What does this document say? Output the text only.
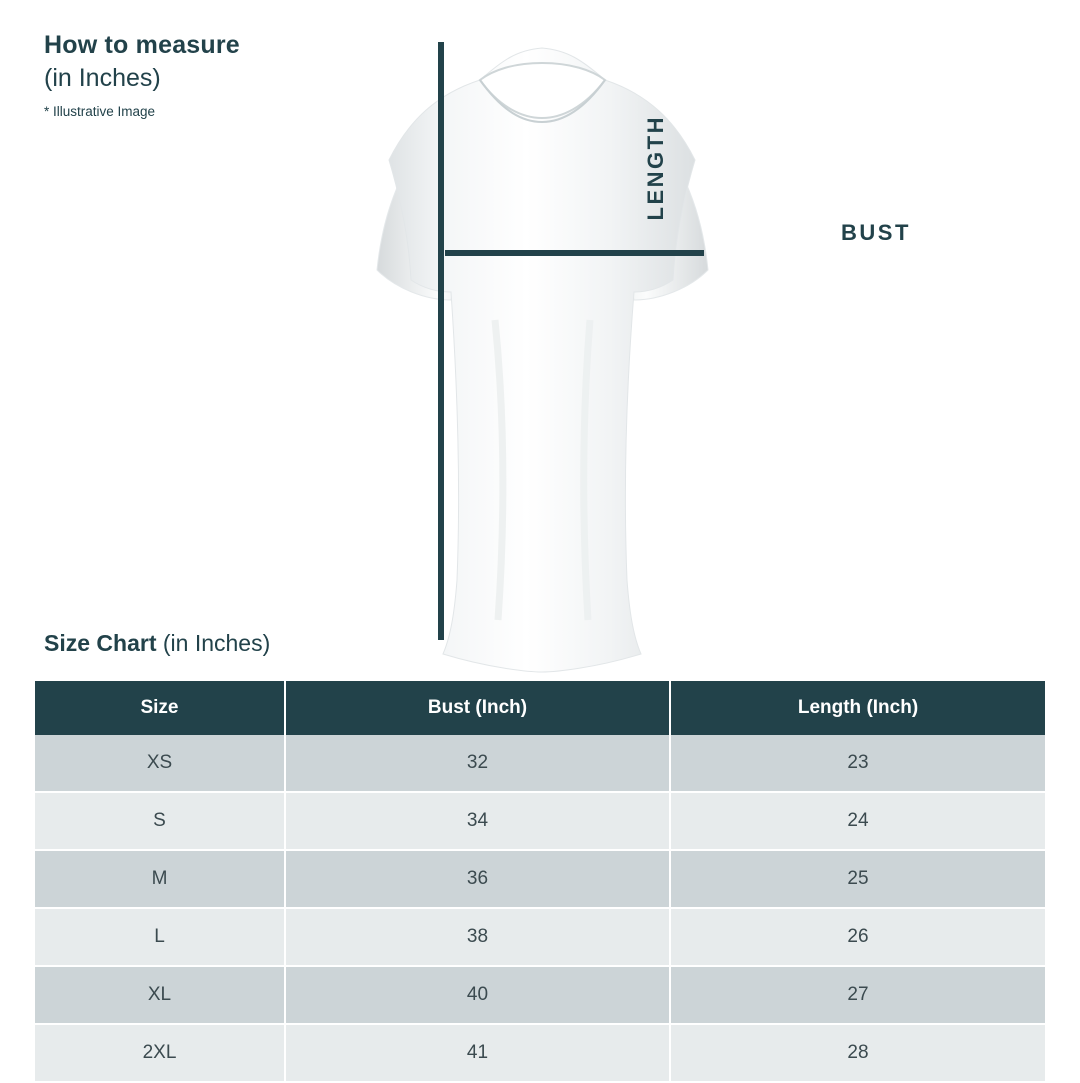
How to measure
(in Inches)
* Illustrative Image
LENGTH
BUST
Size Chart (in Inches)
Size	Bust (Inch)	Length (Inch)
XS	32	23
S	34	24
M	36	25
L	38	26
XL	40	27
2XL	41	28
